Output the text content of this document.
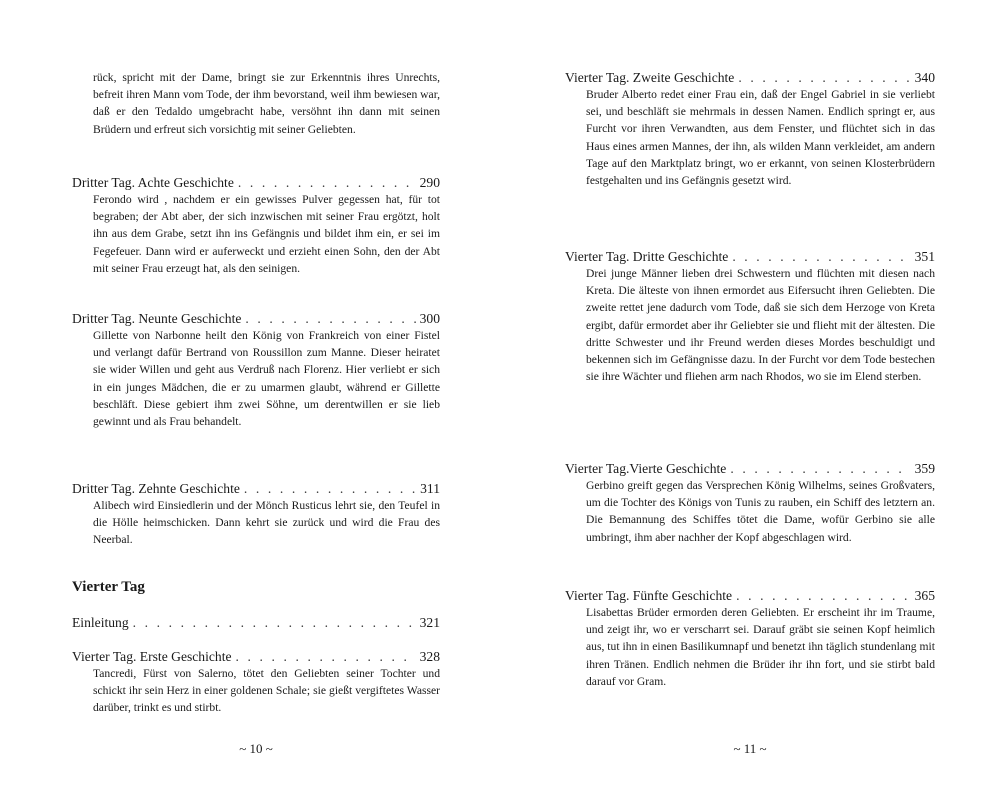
rück, spricht mit der Dame, bringt sie zur Erkenntnis ihres Unrechts, befreit ihren Mann vom Tode, der ihm bevorstand, weil ihm bewiesen war, daß er den Tedaldo umgebracht habe, versöhnt ihn dann mit seinen Brüdern und erfreut sich vorsichtig mit seiner Geliebten.

Dritter Tag. Achte Geschichte . . .	290

Ferondo wird , nachdem er ein gewisses Pulver gegessen hat, für tot begraben; der Abt aber, der sich inzwischen mit seiner Frau ergötzt, holt ihn aus dem Grabe, setzt ihn ins Gefängnis und bildet ihm ein, er sei im Fegefeuer. Dann wird er auferweckt und erzieht einen Sohn, den der Abt mit seiner Frau erzeugt hat, als den seinigen.

Dritter Tag. Neunte Geschichte . . .	300

Gillette von Narbonne heilt den König von Frankreich von einer Fistel und verlangt dafür Bertrand von Roussillon zum Manne. Dieser heiratet sie wider Willen und geht aus Verdruß nach Florenz. Hier verliebt er sich in ein junges Mädchen, die er zu umarmen glaubt, während er Gillette beschläft. Diese gebiert ihm zwei Söhne, um derentwillen er sie lieb gewinnt und als Frau behandelt.

Dritter Tag. Zehnte Geschichte . . .	311

Alibech wird Einsiedlerin und der Mönch Rusticus lehrt sie, den Teufel in die Hölle heimschicken. Dann kehrt sie zurück und wird die Frau des Neerbal.

Vierter Tag
Einleitung . . .	321
Vierter Tag. Erste Geschichte . . .	328

Tancredi, Fürst von Salerno, tötet den Geliebten seiner Tochter und schickt ihr sein Herz in einer goldenen Schale; sie gießt vergiftetes Wasser darüber, trinkt es und stirbt.

~ 10 ~
Vierter Tag. Zweite Geschichte . . .	340

Bruder Alberto redet einer Frau ein, daß der Engel Gabriel in sie verliebt sei, und beschläft sie mehrmals in dessen Namen. Endlich springt er, aus Furcht vor ihren Verwandten, aus dem Fenster, und flüchtet sich in das Haus eines armen Mannes, der ihn, als wilden Mann verkleidet, am andern Tage auf den Marktplatz bringt, wo er erkannt, von seinen Klosterbrüdern festgehalten und ins Gefängnis gesetzt wird.

Vierter Tag. Dritte Geschichte . . .	351

Drei junge Männer lieben drei Schwestern und flüchten mit diesen nach Kreta. Die älteste von ihnen ermordet aus Eifersucht ihren Geliebten. Die zweite rettet jene dadurch vom Tode, daß sie sich dem Herzoge von Kreta ergibt, dafür ermordet aber ihr Geliebter sie und flieht mit der ältesten. Die dritte Schwester und ihr Freund werden dieses Mordes beschuldigt und bekennen sich im Gefängnisse dazu. In der Furcht vor dem Tode bestechen sie ihre Wächter und fliehen arm nach Rhodos, wo sie im Elend sterben.

Vierter Tag.Vierte Geschichte . . .	359

Gerbino greift gegen das Versprechen König Wilhelms, seines Großvaters, um die Tochter des Königs von Tunis zu rauben, ein Schiff des letztern an. Die Bemannung des Schiffes tötet die Dame, wofür Gerbino sie alle umbringt, ihm aber nachher der Kopf abgeschlagen wird.

Vierter Tag. Fünfte Geschichte . . .	365

Lisabettas Brüder ermorden deren Geliebten. Er erscheint ihr im Traume, und zeigt ihr, wo er verscharrt sei. Darauf gräbt sie seinen Kopf heimlich aus, tut ihn in einen Basilikumnapf und benetzt ihn täglich stundenlang mit ihren Tränen. Endlich nehmen die Brüder ihr ihn fort, und sie stirbt bald darauf vor Gram.

~ 11 ~
